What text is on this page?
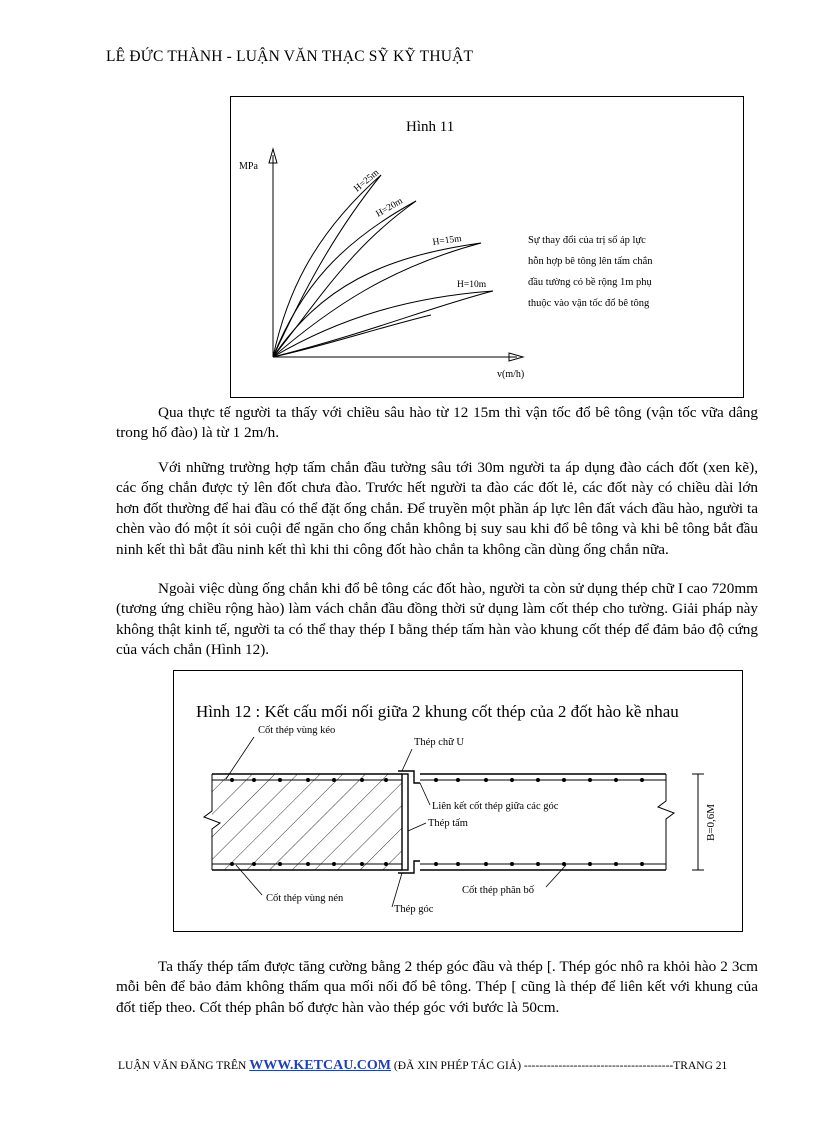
LÊ ĐỨC THÀNH - LUẬN VĂN THẠC SỸ KỸ THUẬT
Hình 11
MPa
v(m/h)
H=25m
H=20m
H=15m
H=10m
Sự thay đổi của trị số áp lực
hỗn hợp bê tông lên tấm chắn
đầu tường có bề rộng 1m phụ
thuộc vào vận tốc đổ bê tông

Qua thực tế người ta thấy với chiều sâu hào từ 12 15m thì vận tốc đổ bê tông (vận tốc vữa dâng trong hố đào) là từ 1 2m/h.

Với những trường hợp tấm chắn đầu tường sâu tới 30m người ta áp dụng đào cách đốt (xen kẽ), các ống chắn được tỷ lên đốt chưa đào. Trước hết người ta đào các đốt lẻ, các đốt này có chiều dài lớn hơn đốt thường để hai đầu có thể đặt ống chắn. Để truyền một phần áp lực lên đất vách đầu hào, người ta chèn vào đó một ít sỏi cuội để ngăn cho ống chắn không bị suy sau khi đổ bê tông và khi bê tông bắt đầu ninh kết thì bắt đầu ninh kết thì khi thi công đốt hào chắn ta không cần dùng ống chắn nữa.

Ngoài việc dùng ống chắn khi đổ bê tông các đốt hào, người ta còn sử dụng thép chữ I cao 720mm (tương ứng chiều rộng hào) làm vách chắn đầu đồng thời sử dụng làm cốt thép cho tường. Giải pháp này không thật kinh tế, người ta có thể thay thép I bằng thép tấm hàn vào khung cốt thép để đảm bảo độ cứng của vách chắn (Hình 12).

Hình 12 : Kết cấu mối nối giữa 2 khung cốt thép của 2 đốt hào kề nhau
B=0,6M
Cốt thép vùng kéo
Thép chữ U
Liên kết cốt thép giữa các góc
Thép tấm
Cốt thép phân bố
Cốt thép vùng nén
Thép góc

Ta thấy thép tấm được tăng cường bằng 2 thép góc đầu và thép [. Thép góc nhô ra khỏi hào 2 3cm mỗi bên để bảo đảm không thấm qua mối nối đổ bê tông. Thép [ cũng là thép để liên kết với khung của đốt tiếp theo. Cốt thép phân bố được hàn vào thép góc với bước là 50cm.

LUẬN VĂN ĐĂNG TRÊN WWW.KETCAU.COM (ĐÃ XIN PHÉP TÁC GIẢ) ---------------------------------------TRANG 21
